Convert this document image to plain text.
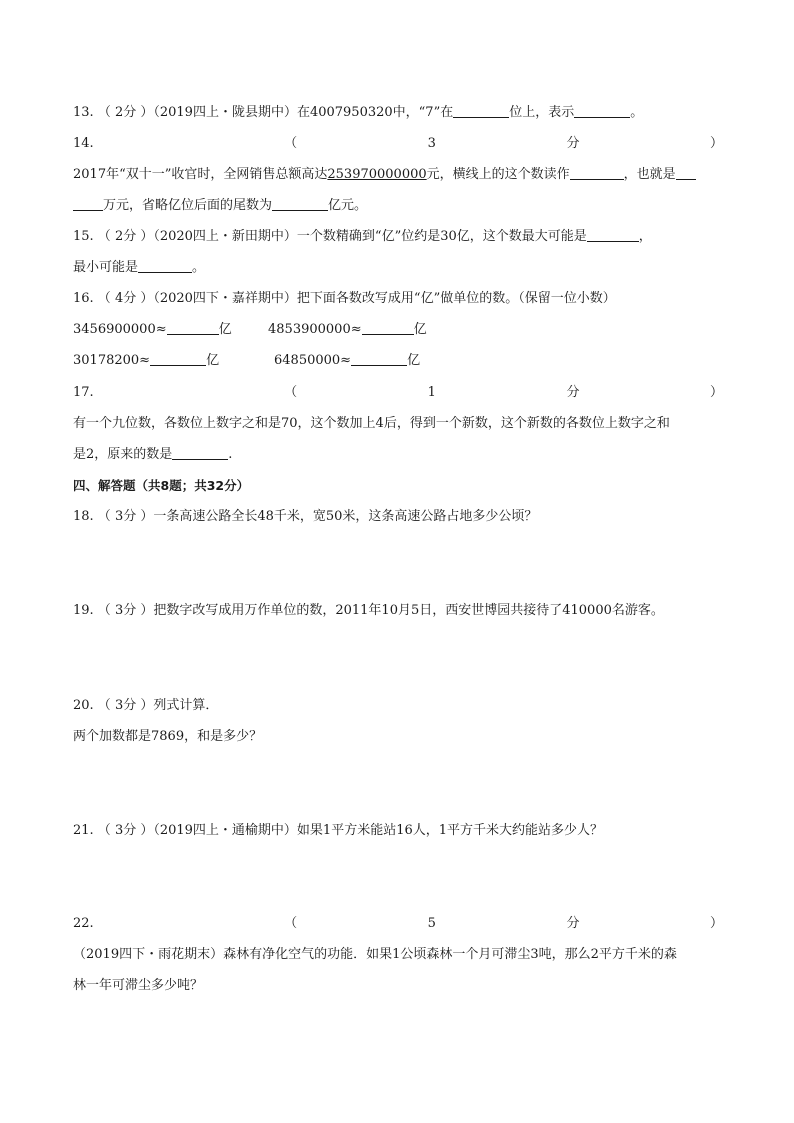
13. （ 2分 ）（2019四上・陇县期中）在4007950320中，“7”在	位上，表示	。
14.	（	3	分	）
2017年“双十一”收官时，全网销售总额高达253970000000元，横线上的这个数读作	，也就是
万元，省略亿位后面的尾数为	亿元。
15. （ 2分 ）（2020四上・新田期中）一个数精确到“亿”位约是30亿，这个数最大可能是	，
最小可能是	。
16. （ 4分 ）（2020四下・嘉祥期中）把下面各数改写成用“亿”做单位的数。（保留一位小数）
3456900000≈	亿	4853900000≈	亿
30178200≈	亿	64850000≈	亿
17.	（	1	分	）
有一个九位数，各数位上数字之和是70，这个数加上4后，得到一个新数，这个新数的各数位上数字之和
是2，原来的数是	.
四、解答题（共8题；共32分）
18. （ 3分 ）一条高速公路全长48千米，宽50米，这条高速公路占地多少公顷？
19. （ 3分 ）把数字改写成用万作单位的数，2011年10月5日，西安世博园共接待了410000名游客。
20. （ 3分 ）列式计算．
两个加数都是7869，和是多少？
21. （ 3分 ）（2019四上・通榆期中）如果1平方米能站16人，1平方千米大约能站多少人？
22.	（	5	分	）
（2019四下・雨花期末）森林有净化空气的功能．如果1公顷森林一个月可滞尘3吨，那么2平方千米的森
林一年可滞尘多少吨？
